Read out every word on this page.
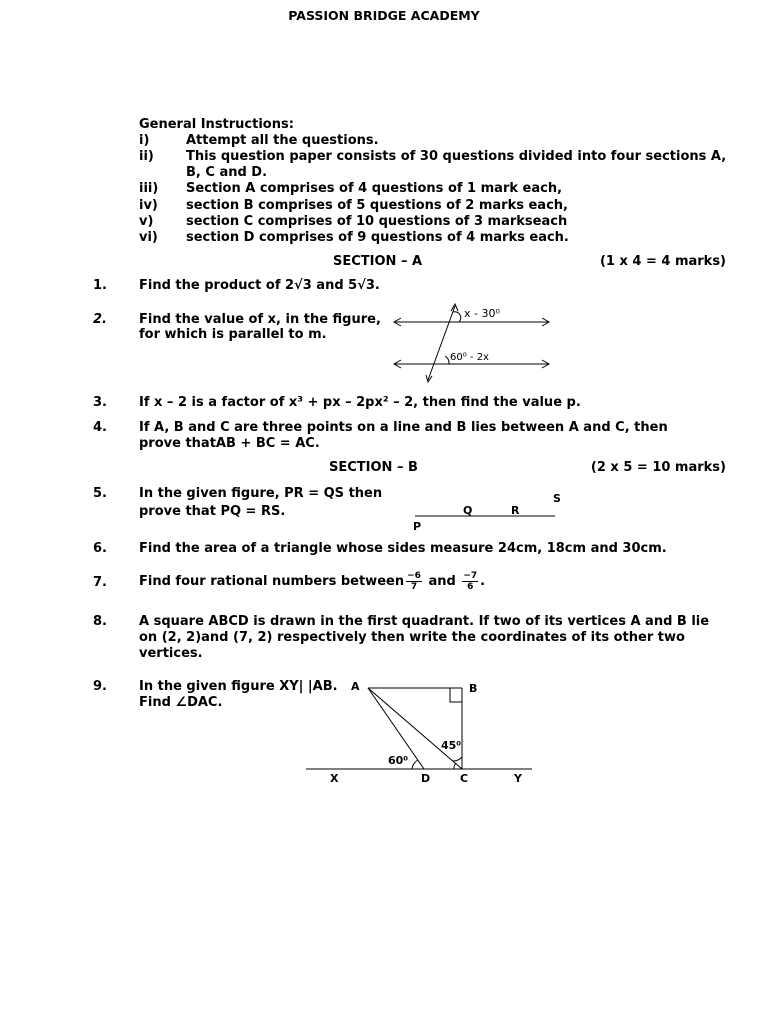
PASSION BRIDGE ACADEMY
General Instructions:
i)	Attempt all the questions.
ii) This question paper consists of 30 questions divided into four sections A,
B, C and D.
iii) Section A comprises of 4 questions of 1 mark each,
iv) section B comprises of 5 questions of 2 marks each,
v)	section C comprises of 10 questions of 3 markseach
vi) section D comprises of 9 questions of 4 marks each.
SECTION – A	(1 x 4 = 4 marks)
1. Find the product of 2√3 and 5√3.
2. Find the value of x, in the figure,
for which is parallel to m.
x - 30⁰
60⁰ - 2x
3. If x – 2 is a factor of x³ + px – 2px² – 2, then find the value p.
4. If A, B and C are three points on a line and B lies between A and C, then
prove thatAB + BC = AC.
SECTION – B	(2 x 5 = 10 marks)
5. In the given figure, PR = QS then
prove that PQ = RS.
P
Q	R
S
6. Find the area of a triangle whose sides measure 24cm, 18cm and 30cm.
7. Find four rational numbers between $\frac{-6}{7}$ and $\frac{-7}{6}$ .
8. A square ABCD is drawn in the first quadrant. If two of its vertices A and B lie
on (2, 2)and (7, 2) respectively then write the coordinates of its other two
vertices.
9. In the given figure XY| |AB.
Find ∠DAC.
A	B
45⁰
60⁰
X	D	C	Y
